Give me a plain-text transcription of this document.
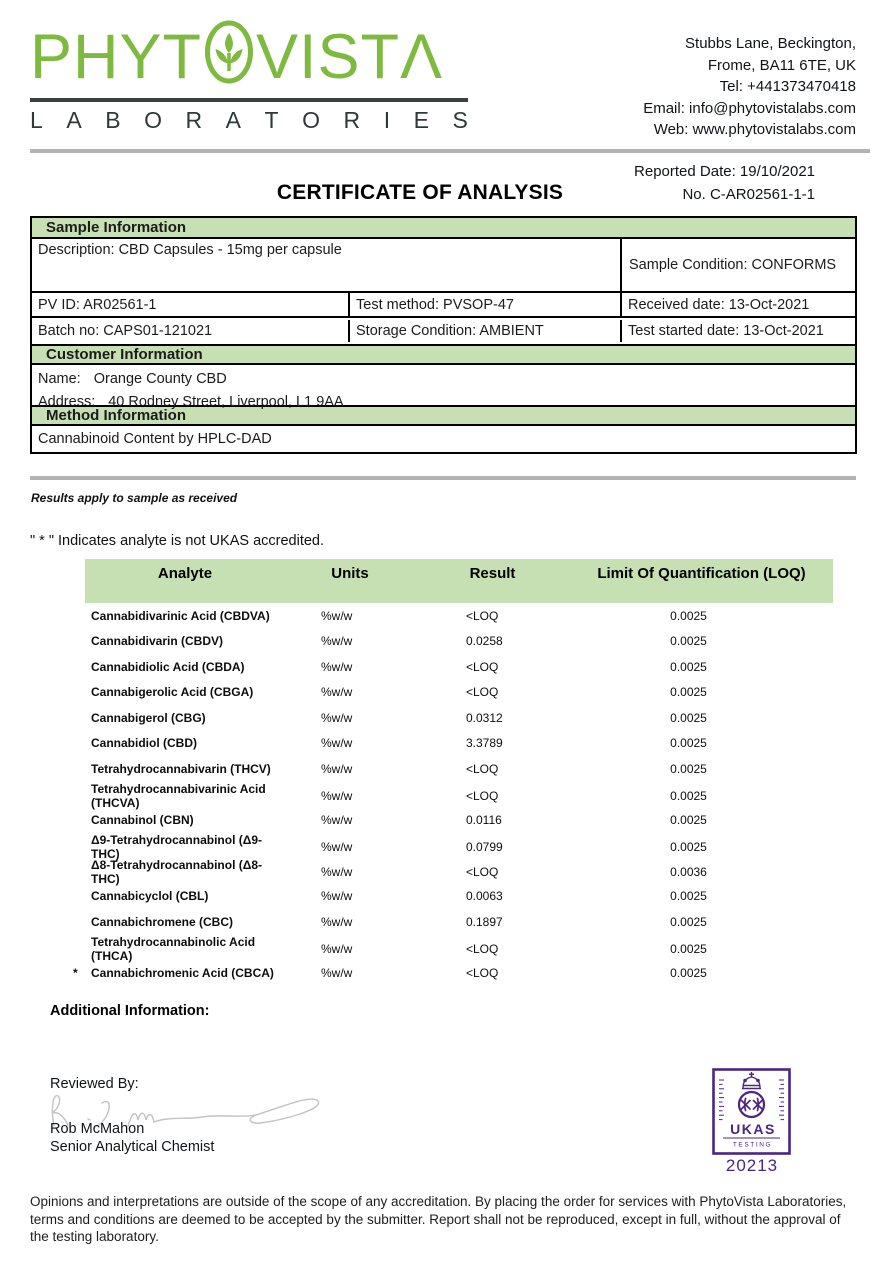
PHYT VISTΛ
L A B O R A T O R I E S
Stubbs Lane, Beckington,
Frome, BA11 6TE, UK
Tel: +441373470418
Email: info@phytovistalabs.com
Web: www.phytovistalabs.com
Reported Date: 19/10/2021
No. C-AR02561-1-1
CERTIFICATE OF ANALYSIS
Sample Information
Description: CBD Capsules - 15mg per capsule
Sample Condition: CONFORMS
PV ID: AR02561-1	Test method: PVSOP-47	Received date: 13-Oct-2021
Batch no: CAPS01-121021	Storage Condition: AMBIENT	Test started date: 13-Oct-2021
Customer Information
Name: Orange County CBD
Address: 40 Rodney Street, Liverpool, L1 9AA
Method Information
Cannabinoid Content by HPLC-DAD
Results apply to sample as received
" * " Indicates analyte is not UKAS accredited.
Analyte	Units	Result	Limit Of Quantification (LOQ)
Cannabidivarinic Acid (CBDVA)	%w/w	<LOQ	0.0025
Cannabidivarin (CBDV)	%w/w	0.0258	0.0025
Cannabidiolic Acid (CBDA)	%w/w	<LOQ	0.0025
Cannabigerolic Acid (CBGA)	%w/w	<LOQ	0.0025
Cannabigerol (CBG)	%w/w	0.0312	0.0025
Cannabidiol (CBD)	%w/w	3.3789	0.0025
Tetrahydrocannabivarin (THCV)	%w/w	<LOQ	0.0025
Tetrahydrocannabivarinic Acid (THCVA)	%w/w	<LOQ	0.0025
Cannabinol (CBN)	%w/w	0.0116	0.0025
Δ9-Tetrahydrocannabinol (Δ9-THC)	%w/w	0.0799	0.0025
Δ8-Tetrahydrocannabinol (Δ8-THC)	%w/w	<LOQ	0.0036
Cannabicyclol (CBL)	%w/w	0.0063	0.0025
Cannabichromene (CBC)	%w/w	0.1897	0.0025
Tetrahydrocannabinolic Acid (THCA)	%w/w	<LOQ	0.0025
* Cannabichromenic Acid (CBCA)	%w/w	<LOQ	0.0025
Additional Information:
Reviewed By:
Rob McMahon
Senior Analytical Chemist
UKAS
TESTING
20213
Opinions and interpretations are outside of the scope of any accreditation. By placing the order for services with PhytoVista Laboratories,
terms and conditions are deemed to be accepted by the submitter. Report shall not be reproduced, except in full, without the approval of
the testing laboratory.
